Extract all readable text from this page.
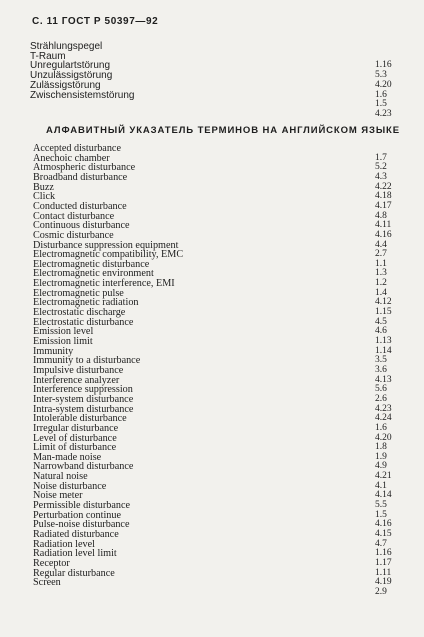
С. 11 ГОСТ Р 50397—92
Strählungspegel
T-Raum
Unregulartstörung	1.16
Unzulässigstörung	5.3
Zulässigstörung	4.20
Zwischensistemstörung	1.6
1.5
4.23
АЛФАВИТНЫЙ УКАЗАТЕЛЬ ТЕРМИНОВ НА АНГЛИЙСКОМ ЯЗЫКЕ
Accepted disturbance
Anechoic chamber	1.7
Atmospheric disturbance	5.2
Broadband disturbance	4.3
Buzz	4.22
Click	4.18
Conducted disturbance	4.17
Contact disturbance	4.8
Continuous disturbance	4.11
Cosmic disturbance	4.16
Disturbance suppression equipment	4.4
Electromagnetic compatibility, EMC	2.7
Electromagnetic disturbance	1.1
Electromagnetic environment	1.3
Electromagnetic interference, EMI	1.2
Electromagnetic pulse	1.4
Electromagnetic radiation	4.12
Electrostatic discharge	1.15
Electrostatic disturbance	4.5
Emission level	4.6
Emission limit	1.13
Immunity	1.14
Immunity to a disturbance	3.5
Impulsive disturbance	3.6
Interference analyzer	4.13
Interference suppression	5.6
Inter-system disturbance	2.6
Intra-system disturbance	4.23
Intolerable disturbance	4.24
Irregular disturbance	1.6
Level of disturbance	4.20
Limit of disturbance	1.8
Man-made noise	1.9
Narrowband disturbance	4.9
Natural noise	4.21
Noise disturbance	4.1
Noise meter	4.14
Permissible disturbance	5.5
Perturbation continue	1.5
Pulse-noise disturbance	4.16
Radiated disturbance	4.15
Radiation level	4.7
Radiation level limit	1.16
Receptor	1.17
Regular disturbance	1.11
Screen	4.19
2.9
